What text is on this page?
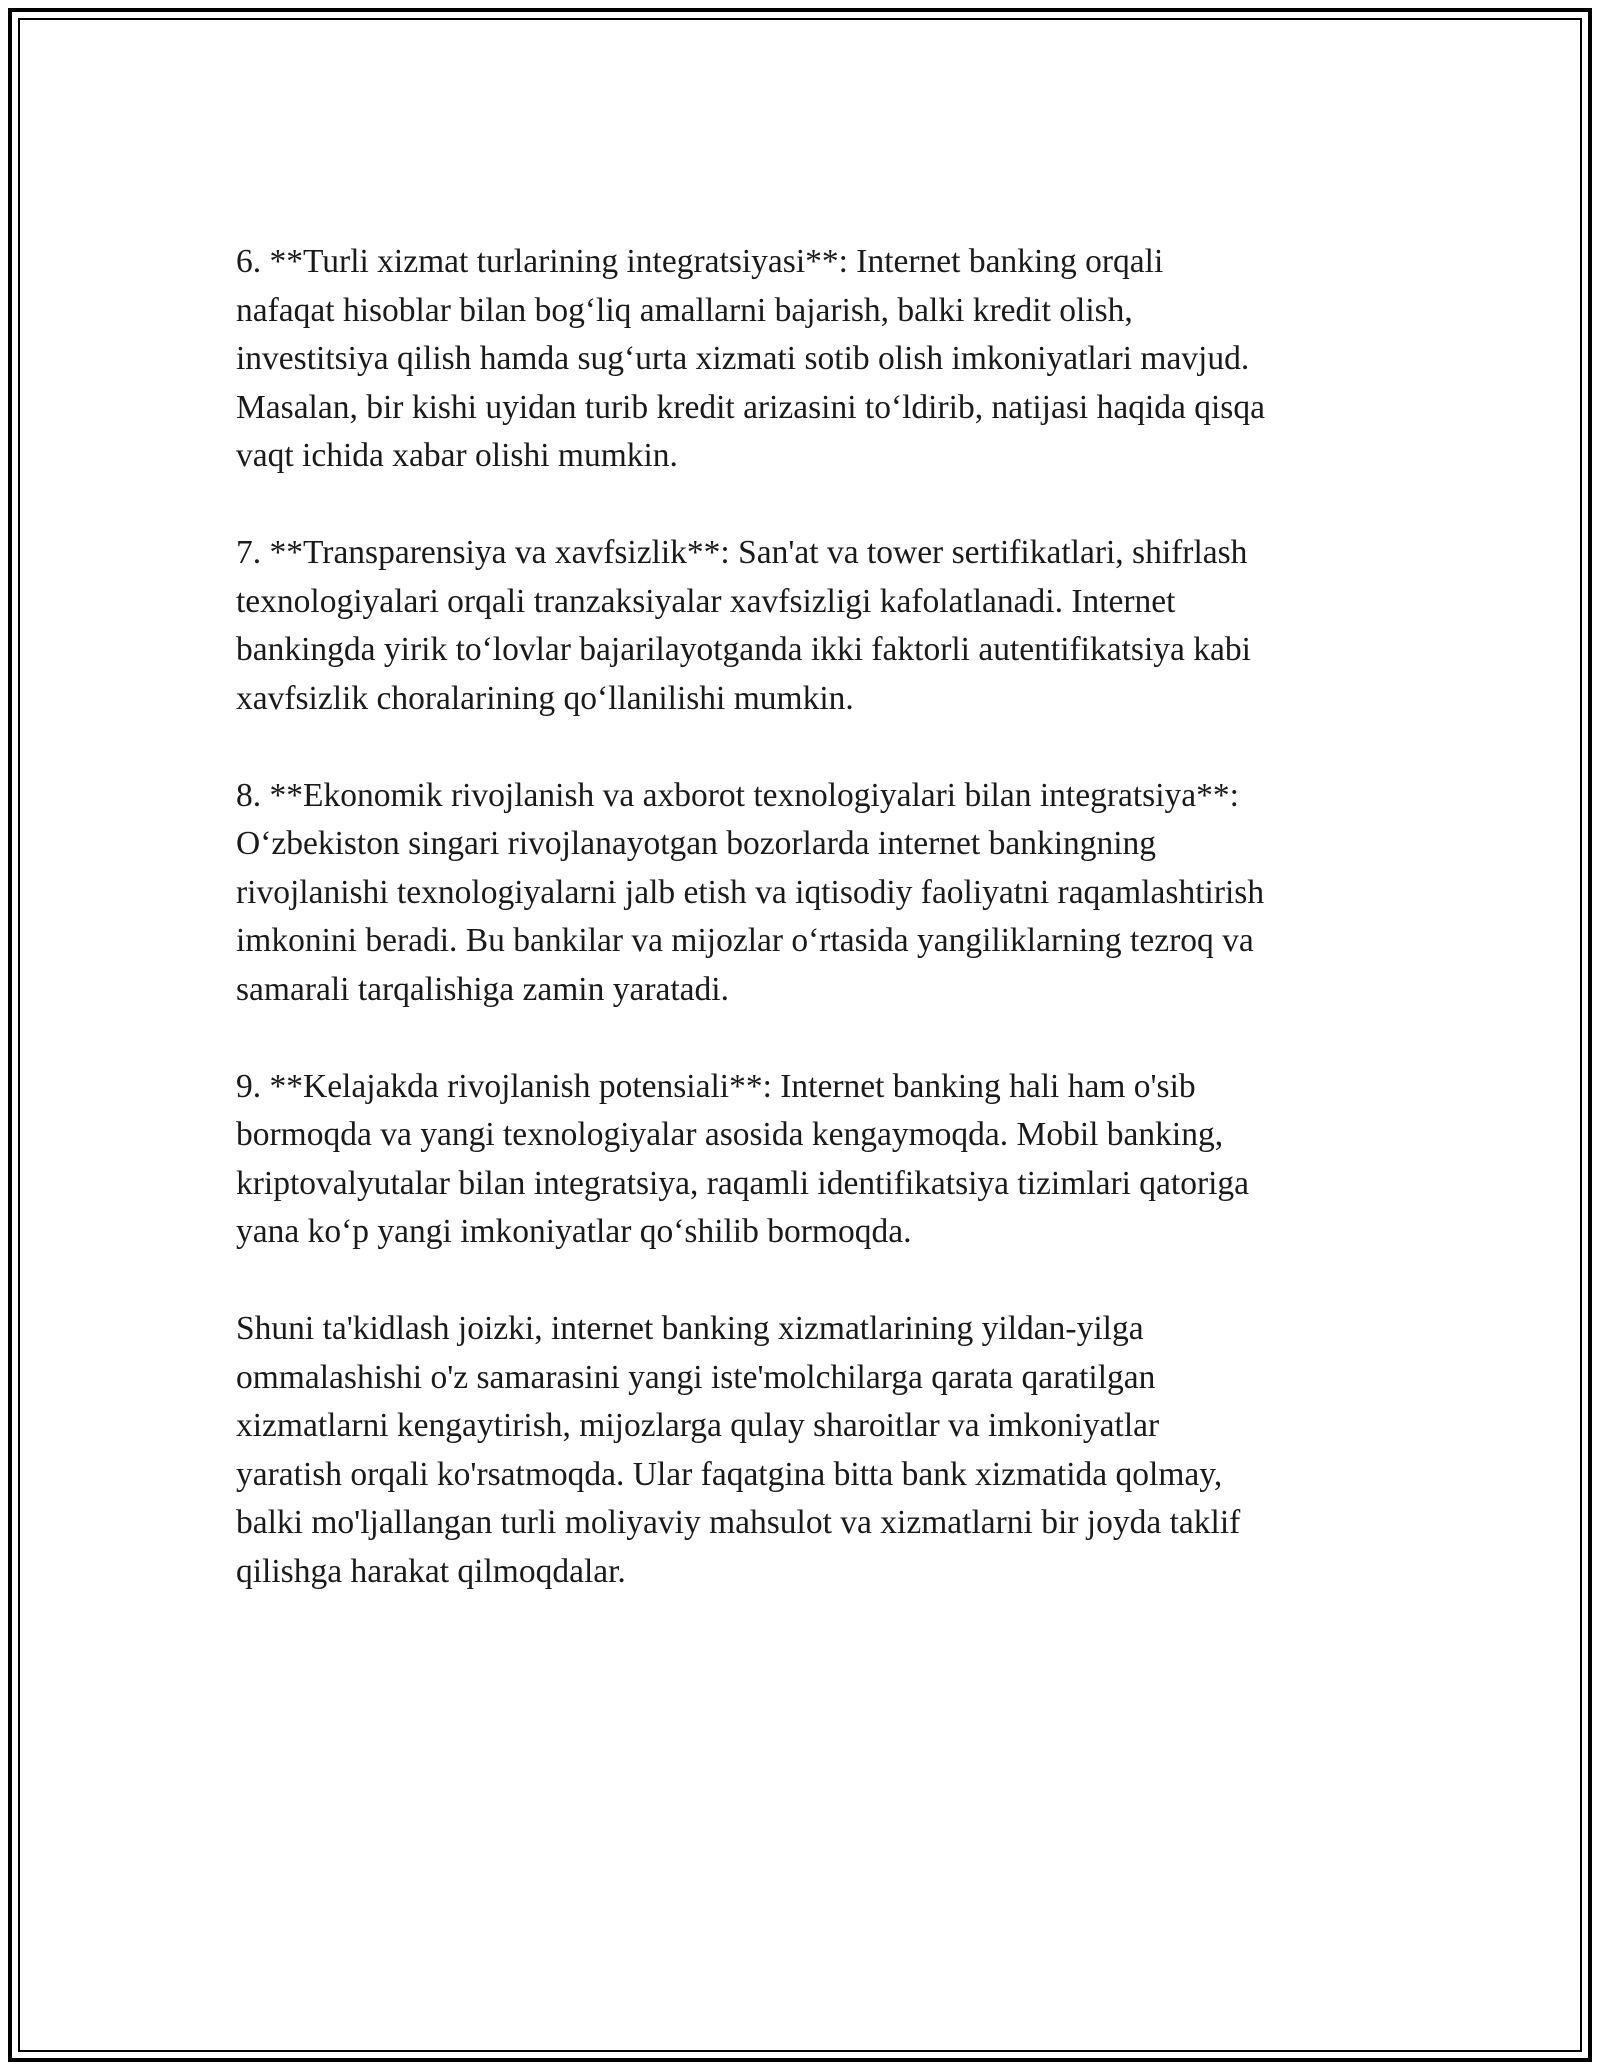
6. **Turli xizmat turlarining integratsiyasi**: Internet banking orqali
nafaqat hisoblar bilan bog‘liq amallarni bajarish, balki kredit olish,
investitsiya qilish hamda sug‘urta xizmati sotib olish imkoniyatlari mavjud.
Masalan, bir kishi uyidan turib kredit arizasini to‘ldirib, natijasi haqida qisqa
vaqt ichida xabar olishi mumkin.

7. **Transparensiya va xavfsizlik**: San'at va tower sertifikatlari, shifrlash
texnologiyalari orqali tranzaksiyalar xavfsizligi kafolatlanadi. Internet
bankingda yirik to‘lovlar bajarilayotganda ikki faktorli autentifikatsiya kabi
xavfsizlik choralarining qo‘llanilishi mumkin.

8. **Ekonomik rivojlanish va axborot texnologiyalari bilan integratsiya**:
O‘zbekiston singari rivojlanayotgan bozorlarda internet bankingning
rivojlanishi texnologiyalarni jalb etish va iqtisodiy faoliyatni raqamlashtirish
imkonini beradi. Bu bankilar va mijozlar o‘rtasida yangiliklarning tezroq va
samarali tarqalishiga zamin yaratadi.

9. **Kelajakda rivojlanish potensiali**: Internet banking hali ham o'sib
bormoqda va yangi texnologiyalar asosida kengaymoqda. Mobil banking,
kriptovalyutalar bilan integratsiya, raqamli identifikatsiya tizimlari qatoriga
yana ko‘p yangi imkoniyatlar qo‘shilib bormoqda.

Shuni ta'kidlash joizki, internet banking xizmatlarining yildan-yilga
ommalashishi o'z samarasini yangi iste'molchilarga qarata qaratilgan
xizmatlarni kengaytirish, mijozlarga qulay sharoitlar va imkoniyatlar
yaratish orqali ko'rsatmoqda. Ular faqatgina bitta bank xizmatida qolmay,
balki mo'ljallangan turli moliyaviy mahsulot va xizmatlarni bir joyda taklif
qilishga harakat qilmoqdalar.
